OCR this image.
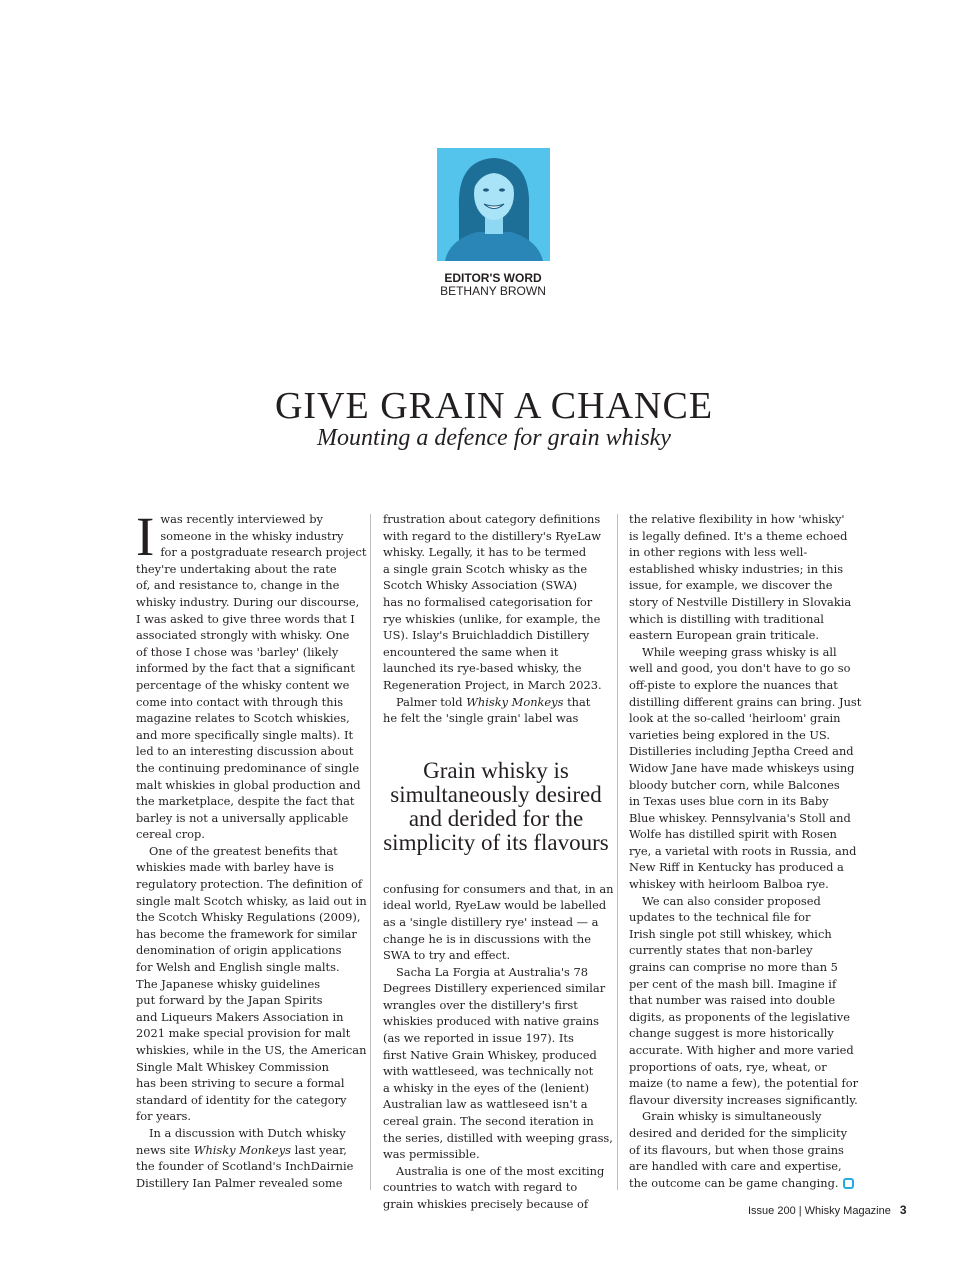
EDITOR'S WORD
BETHANY BROWN
GIVE GRAIN A CHANCE
Mounting a defence for grain whisky
I was recently interviewed by
someone in the whisky industry
for a postgraduate research project
they're undertaking about the rate
of, and resistance to, change in the
whisky industry. During our discourse,
I was asked to give three words that I
associated strongly with whisky. One
of those I chose was 'barley' (likely
informed by the fact that a significant
percentage of the whisky content we
come into contact with through this
magazine relates to Scotch whiskies,
and more specifically single malts). It
led to an interesting discussion about
the continuing predominance of single
malt whiskies in global production and
the marketplace, despite the fact that
barley is not a universally applicable
cereal crop.
One of the greatest benefits that
whiskies made with barley have is
regulatory protection. The definition of
single malt Scotch whisky, as laid out in
the Scotch Whisky Regulations (2009),
has become the framework for similar
denomination of origin applications
for Welsh and English single malts.
The Japanese whisky guidelines
put forward by the Japan Spirits
and Liqueurs Makers Association in
2021 make special provision for malt
whiskies, while in the US, the American
Single Malt Whiskey Commission
has been striving to secure a formal
standard of identity for the category
for years.
In a discussion with Dutch whisky
news site Whisky Monkeys last year,
the founder of Scotland's InchDairnie
Distillery Ian Palmer revealed some
frustration about category definitions
with regard to the distillery's RyeLaw
whisky. Legally, it has to be termed
a single grain Scotch whisky as the
Scotch Whisky Association (SWA)
has no formalised categorisation for
rye whiskies (unlike, for example, the
US). Islay's Bruichladdich Distillery
encountered the same when it
launched its rye-based whisky, the
Regeneration Project, in March 2023.
Palmer told Whisky Monkeys that
he felt the 'single grain' label was
Grain whisky is
simultaneously desired
and derided for the
simplicity of its flavours
confusing for consumers and that, in an
ideal world, RyeLaw would be labelled
as a 'single distillery rye' instead — a
change he is in discussions with the
SWA to try and effect.
Sacha La Forgia at Australia's 78
Degrees Distillery experienced similar
wrangles over the distillery's first
whiskies produced with native grains
(as we reported in issue 197). Its
first Native Grain Whiskey, produced
with wattleseed, was technically not
a whisky in the eyes of the (lenient)
Australian law as wattleseed isn't a
cereal grain. The second iteration in
the series, distilled with weeping grass,
was permissible.
Australia is one of the most exciting
countries to watch with regard to
grain whiskies precisely because of
the relative flexibility in how 'whisky'
is legally defined. It's a theme echoed
in other regions with less well-
established whisky industries; in this
issue, for example, we discover the
story of Nestville Distillery in Slovakia
which is distilling with traditional
eastern European grain triticale.
While weeping grass whisky is all
well and good, you don't have to go so
off-piste to explore the nuances that
distilling different grains can bring. Just
look at the so-called 'heirloom' grain
varieties being explored in the US.
Distilleries including Jeptha Creed and
Widow Jane have made whiskeys using
bloody butcher corn, while Balcones
in Texas uses blue corn in its Baby
Blue whiskey. Pennsylvania's Stoll and
Wolfe has distilled spirit with Rosen
rye, a varietal with roots in Russia, and
New Riff in Kentucky has produced a
whiskey with heirloom Balboa rye.
We can also consider proposed
updates to the technical file for
Irish single pot still whiskey, which
currently states that non-barley
grains can comprise no more than 5
per cent of the mash bill. Imagine if
that number was raised into double
digits, as proponents of the legislative
change suggest is more historically
accurate. With higher and more varied
proportions of oats, rye, wheat, or
maize (to name a few), the potential for
flavour diversity increases significantly.
Grain whisky is simultaneously
desired and derided for the simplicity
of its flavours, but when those grains
are handled with care and expertise,
the outcome can be game changing.
Issue 200 | Whisky Magazine 3
